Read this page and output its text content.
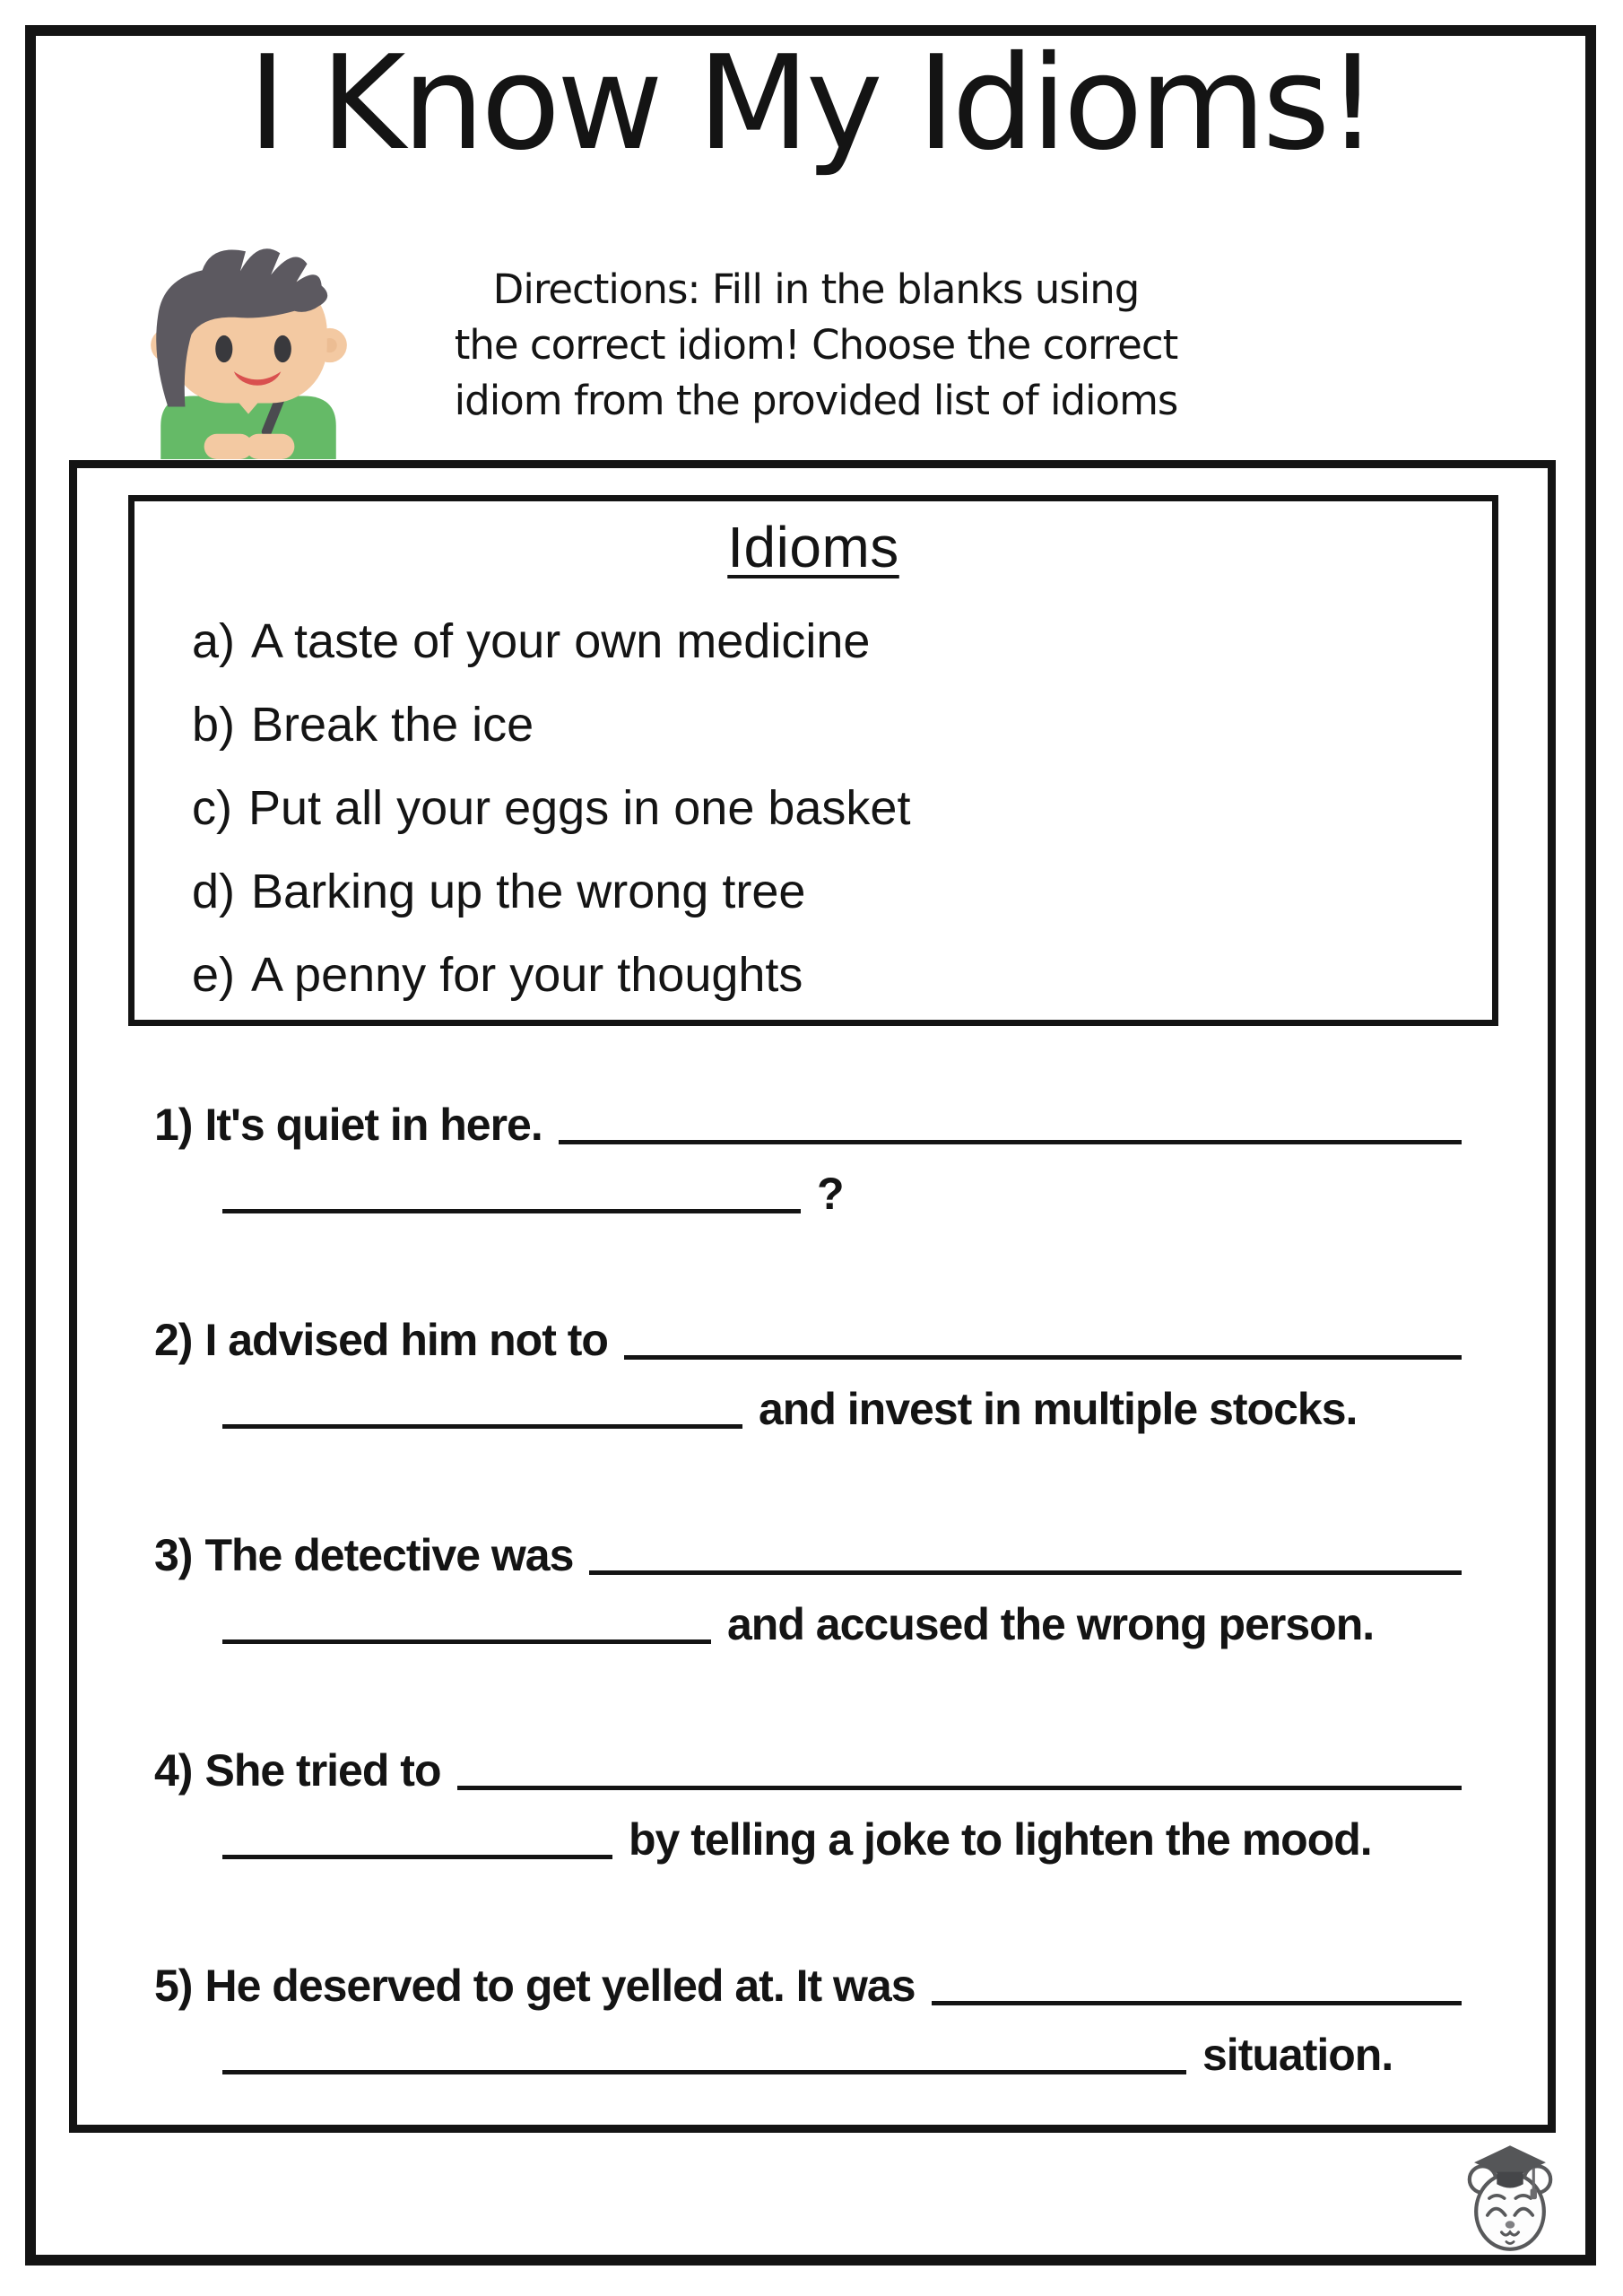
I Know My Idioms!
Directions: Fill in the blanks using
the correct idiom! Choose the correct
idiom from the provided list of idioms
Idioms
a) A taste of your own medicine
b) Break the ice
c) Put all your eggs in one basket
d) Barking up the wrong tree
e) A penny for your thoughts
1) It's quiet in here.
?
2) I advised him not to
and invest in multiple stocks.
3) The detective was
and accused the wrong person.
4) She tried to
by telling a joke to lighten the mood.
5) He deserved to get yelled at. It was
situation.
